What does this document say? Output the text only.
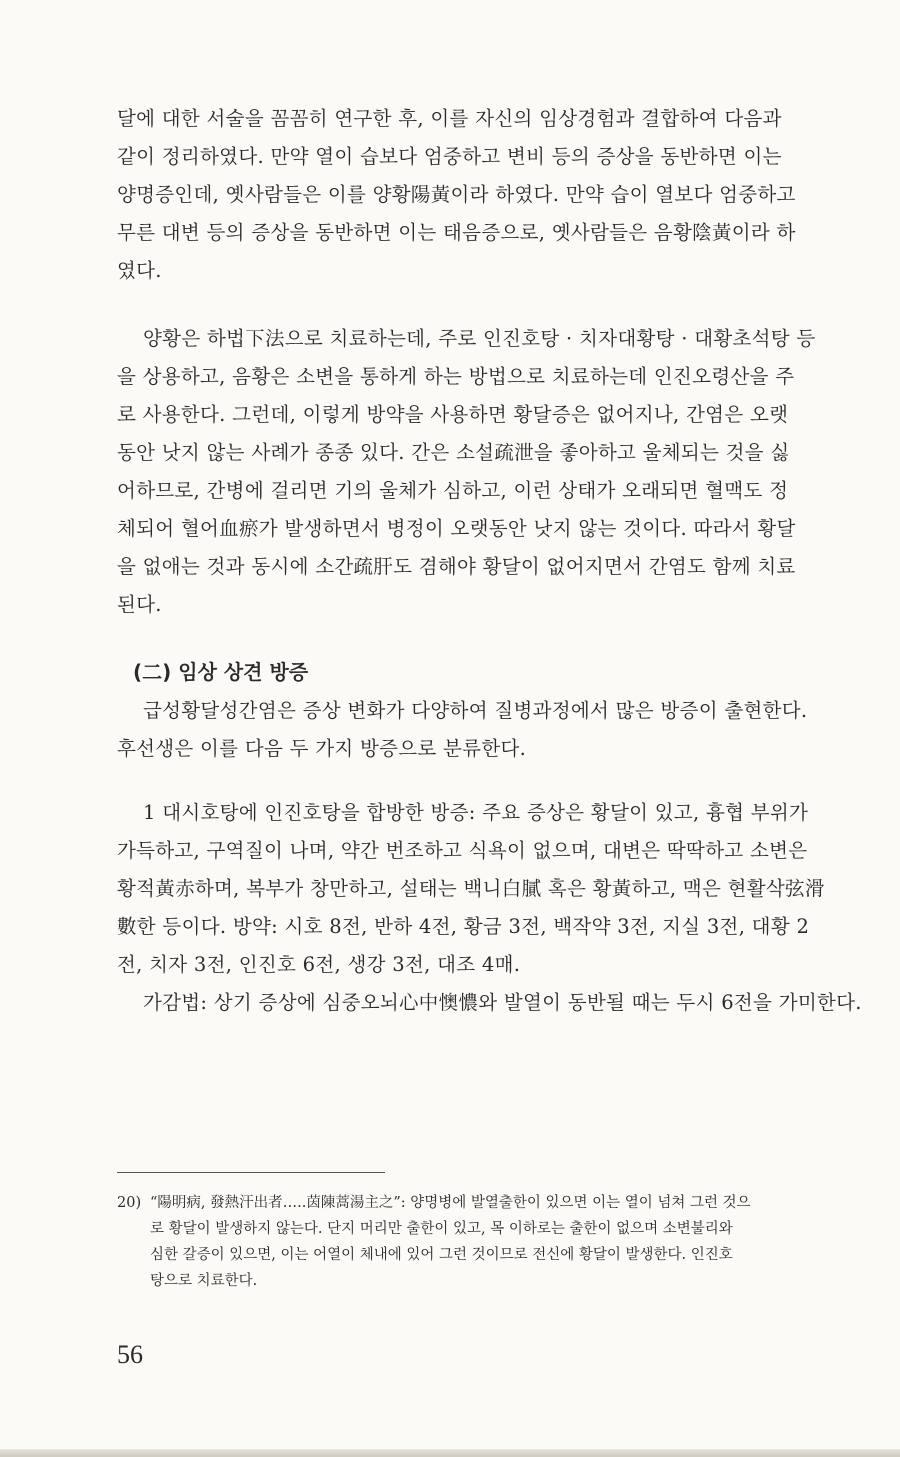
달에 대한 서술을 꼼꼼히 연구한 후, 이를 자신의 임상경험과 결합하여 다음과

같이 정리하였다. 만약 열이 습보다 엄중하고 변비 등의 증상을 동반하면 이는

양명증인데, 옛사람들은 이를 양황陽黃이라 하였다. 만약 습이 열보다 엄중하고

무른 대변 등의 증상을 동반하면 이는 태음증으로, 옛사람들은 음황陰黃이라 하

였다.

양황은 하법下法으로 치료하는데, 주로 인진호탕 · 치자대황탕 · 대황초석탕 등

을 상용하고, 음황은 소변을 통하게 하는 방법으로 치료하는데 인진오령산을 주

로 사용한다. 그런데, 이렇게 방약을 사용하면 황달증은 없어지나, 간염은 오랫

동안 낫지 않는 사례가 종종 있다. 간은 소설疏泄을 좋아하고 울체되는 것을 싫

어하므로, 간병에 걸리면 기의 울체가 심하고, 이런 상태가 오래되면 혈맥도 정

체되어 혈어血瘀가 발생하면서 병정이 오랫동안 낫지 않는 것이다. 따라서 황달

을 없애는 것과 동시에 소간疏肝도 겸해야 황달이 없어지면서 간염도 함께 치료

된다.

(二) 임상 상견 방증

급성황달성간염은 증상 변화가 다양하여 질병과정에서 많은 방증이 출현한다.

후선생은 이를 다음 두 가지 방증으로 분류한다.

1 대시호탕에 인진호탕을 합방한 방증: 주요 증상은 황달이 있고, 흉협 부위가

가득하고, 구역질이 나며, 약간 번조하고 식욕이 없으며, 대변은 딱딱하고 소변은

황적黃赤하며, 복부가 창만하고, 설태는 백니白膩 혹은 황黃하고, 맥은 현활삭弦滑

數한 등이다. 방약: 시호 8전, 반하 4전, 황금 3전, 백작약 3전, 지실 3전, 대황 2

전, 치자 3전, 인진호 6전, 생강 3전, 대조 4매.

가감법: 상기 증상에 심중오뇌心中懊憹와 발열이 동반될 때는 두시 6전을 가미한다.

20) “陽明病, 發熱汗出者…..茵陳蒿湯主之”: 양명병에 발열출한이 있으면 이는 열이 넘쳐 그런 것으
로 황달이 발생하지 않는다. 단지 머리만 출한이 있고, 목 이하로는 출한이 없으며 소변불리와
심한 갈증이 있으면, 이는 어열이 체내에 있어 그런 것이므로 전신에 황달이 발생한다. 인진호
탕으로 치료한다.
56
